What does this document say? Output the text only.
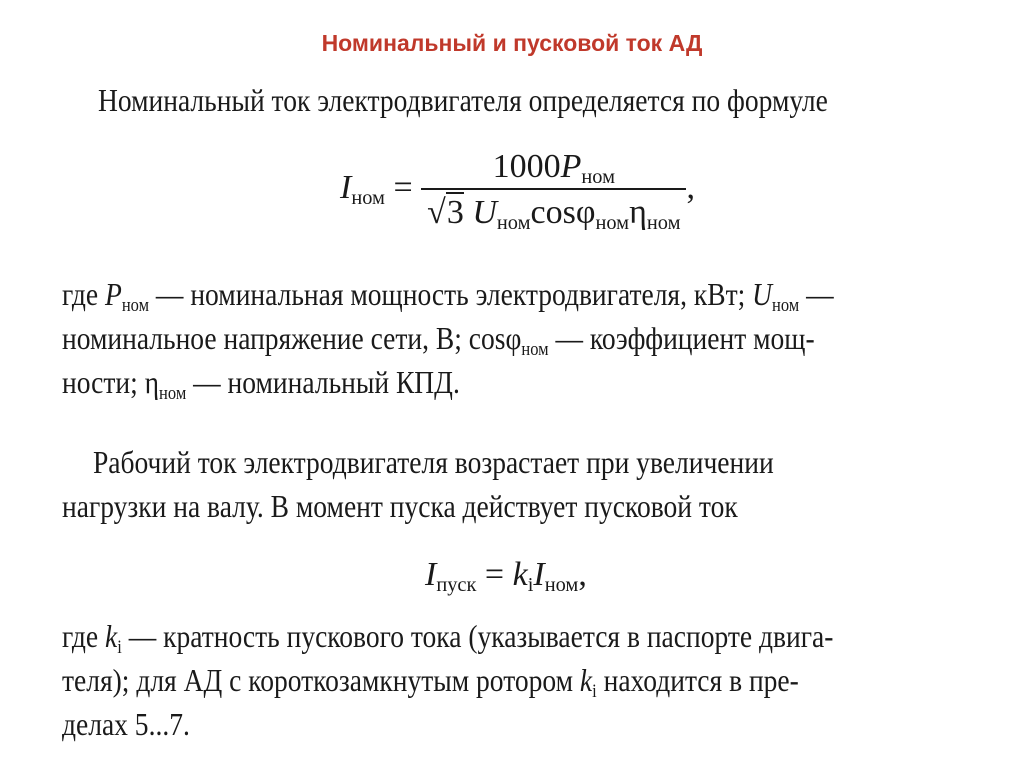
Номинальный и пусковой ток АД

Номинальный ток электродвигателя определяется по формуле

$I_{ном} = \frac{1000P_{ном}}{√3 U_{ном}\cos\varphi_{ном}\eta_{ном}}$ ,

где $P_{ном}$ — номинальная мощность электродвигателя, кВт; $U_{ном}$ —
номинальное напряжение сети, В; cosφ$_{ном}$ — коэффициент мощ-
ности; $\eta_{ном}$ — номинальный КПД.

Рабочий ток электродвигателя возрастает при увеличении
нагрузки на валу. В момент пуска действует пусковой ток

$I_{пуск} = k_iI_{ном}$,

где $k_i$ — кратность пускового тока (указывается в паспорте двига-
теля); для АД с короткозамкнутым ротором $k_i$ находится в пре-
делах 5...7.
